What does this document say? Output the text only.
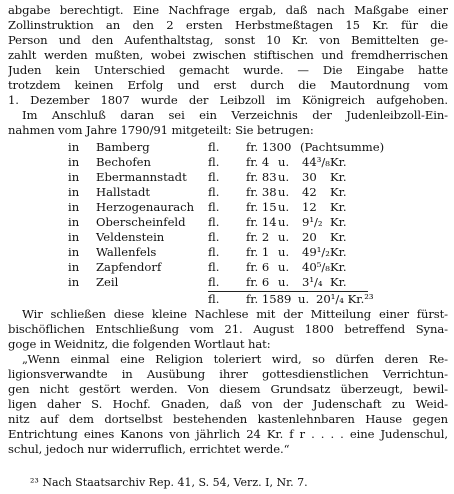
abgabe berechtigt. Eine Nachfrage ergab, daß nach Maßgabe einer
Zollinstruktion an den 2 ersten Herbstmeßtagen 15 Kr. für die
Person und den Aufenthaltstag, sonst 10 Kr. von Bemittelten ge-
zahlt werden mußten, wobei zwischen stiftischen und fremdherrischen
Juden kein Unterschied gemacht wurde. — Die Eingabe hatte
trotzdem keinen Erfolg und erst durch die Mautordnung vom
1. Dezember 1807 wurde der Leibzoll im Königreich aufgehoben.
Im Anschluß daran sei ein Verzeichnis der Judenleibzoll-Ein-
nahmen vom Jahre 1790/91 mitgeteilt: Sie betrugen:
in Bamberg	fl. fr. 1300 (Pachtsumme)
in Bechofen	fl. fr. 4 u. 44³/₈ Kr.
in Ebermannstadt fl. fr. 83 u. 30 Kr.
in Hallstadt	fl. fr. 38 u. 42 Kr.
in Herzogenaurach fl. fr. 15 u. 12 Kr.
in Oberscheinfeld fl. fr. 14 u. 9¹/₂ Kr.
in Veldenstein	fl. fr. 2 u. 20 Kr.
in Wallenfels	fl. fr. 1 u. 49¹/₂ Kr.
in Zapfendorf	fl. fr. 6 u. 40⁵/₈ Kr.
in Zeil	fl. fr. 6 u. 3¹/₄ Kr.
fl. fr. 1589 u. 20¹/₄ Kr.²³
Wir schließen diese kleine Nachlese mit der Mitteilung einer fürst-
bischöflichen Entschließung vom 21. August 1800 betreffend Syna-
goge in Weidnitz, die folgenden Wortlaut hat:
„Wenn einmal eine Religion toleriert wird, so dürfen deren Re-
ligionsverwandte in Ausübung ihrer gottesdienstlichen Verrichtun-
gen nicht gestört werden. Von diesem Grundsatz überzeugt, bewil-
ligen daher S. Hochf. Gnaden, daß von der Judenschaft zu Weid-
nitz auf dem dortselbst bestehenden kastenlehnbaren Hause gegen
Entrichtung eines Kanons von jährlich 24 Kr. f r . . . . eine Judenschul,
schul, jedoch nur widerruflich, errichtet werde.“
²³ Nach Staatsarchiv Rep. 41, S. 54, Verz. I, Nr. 7.
